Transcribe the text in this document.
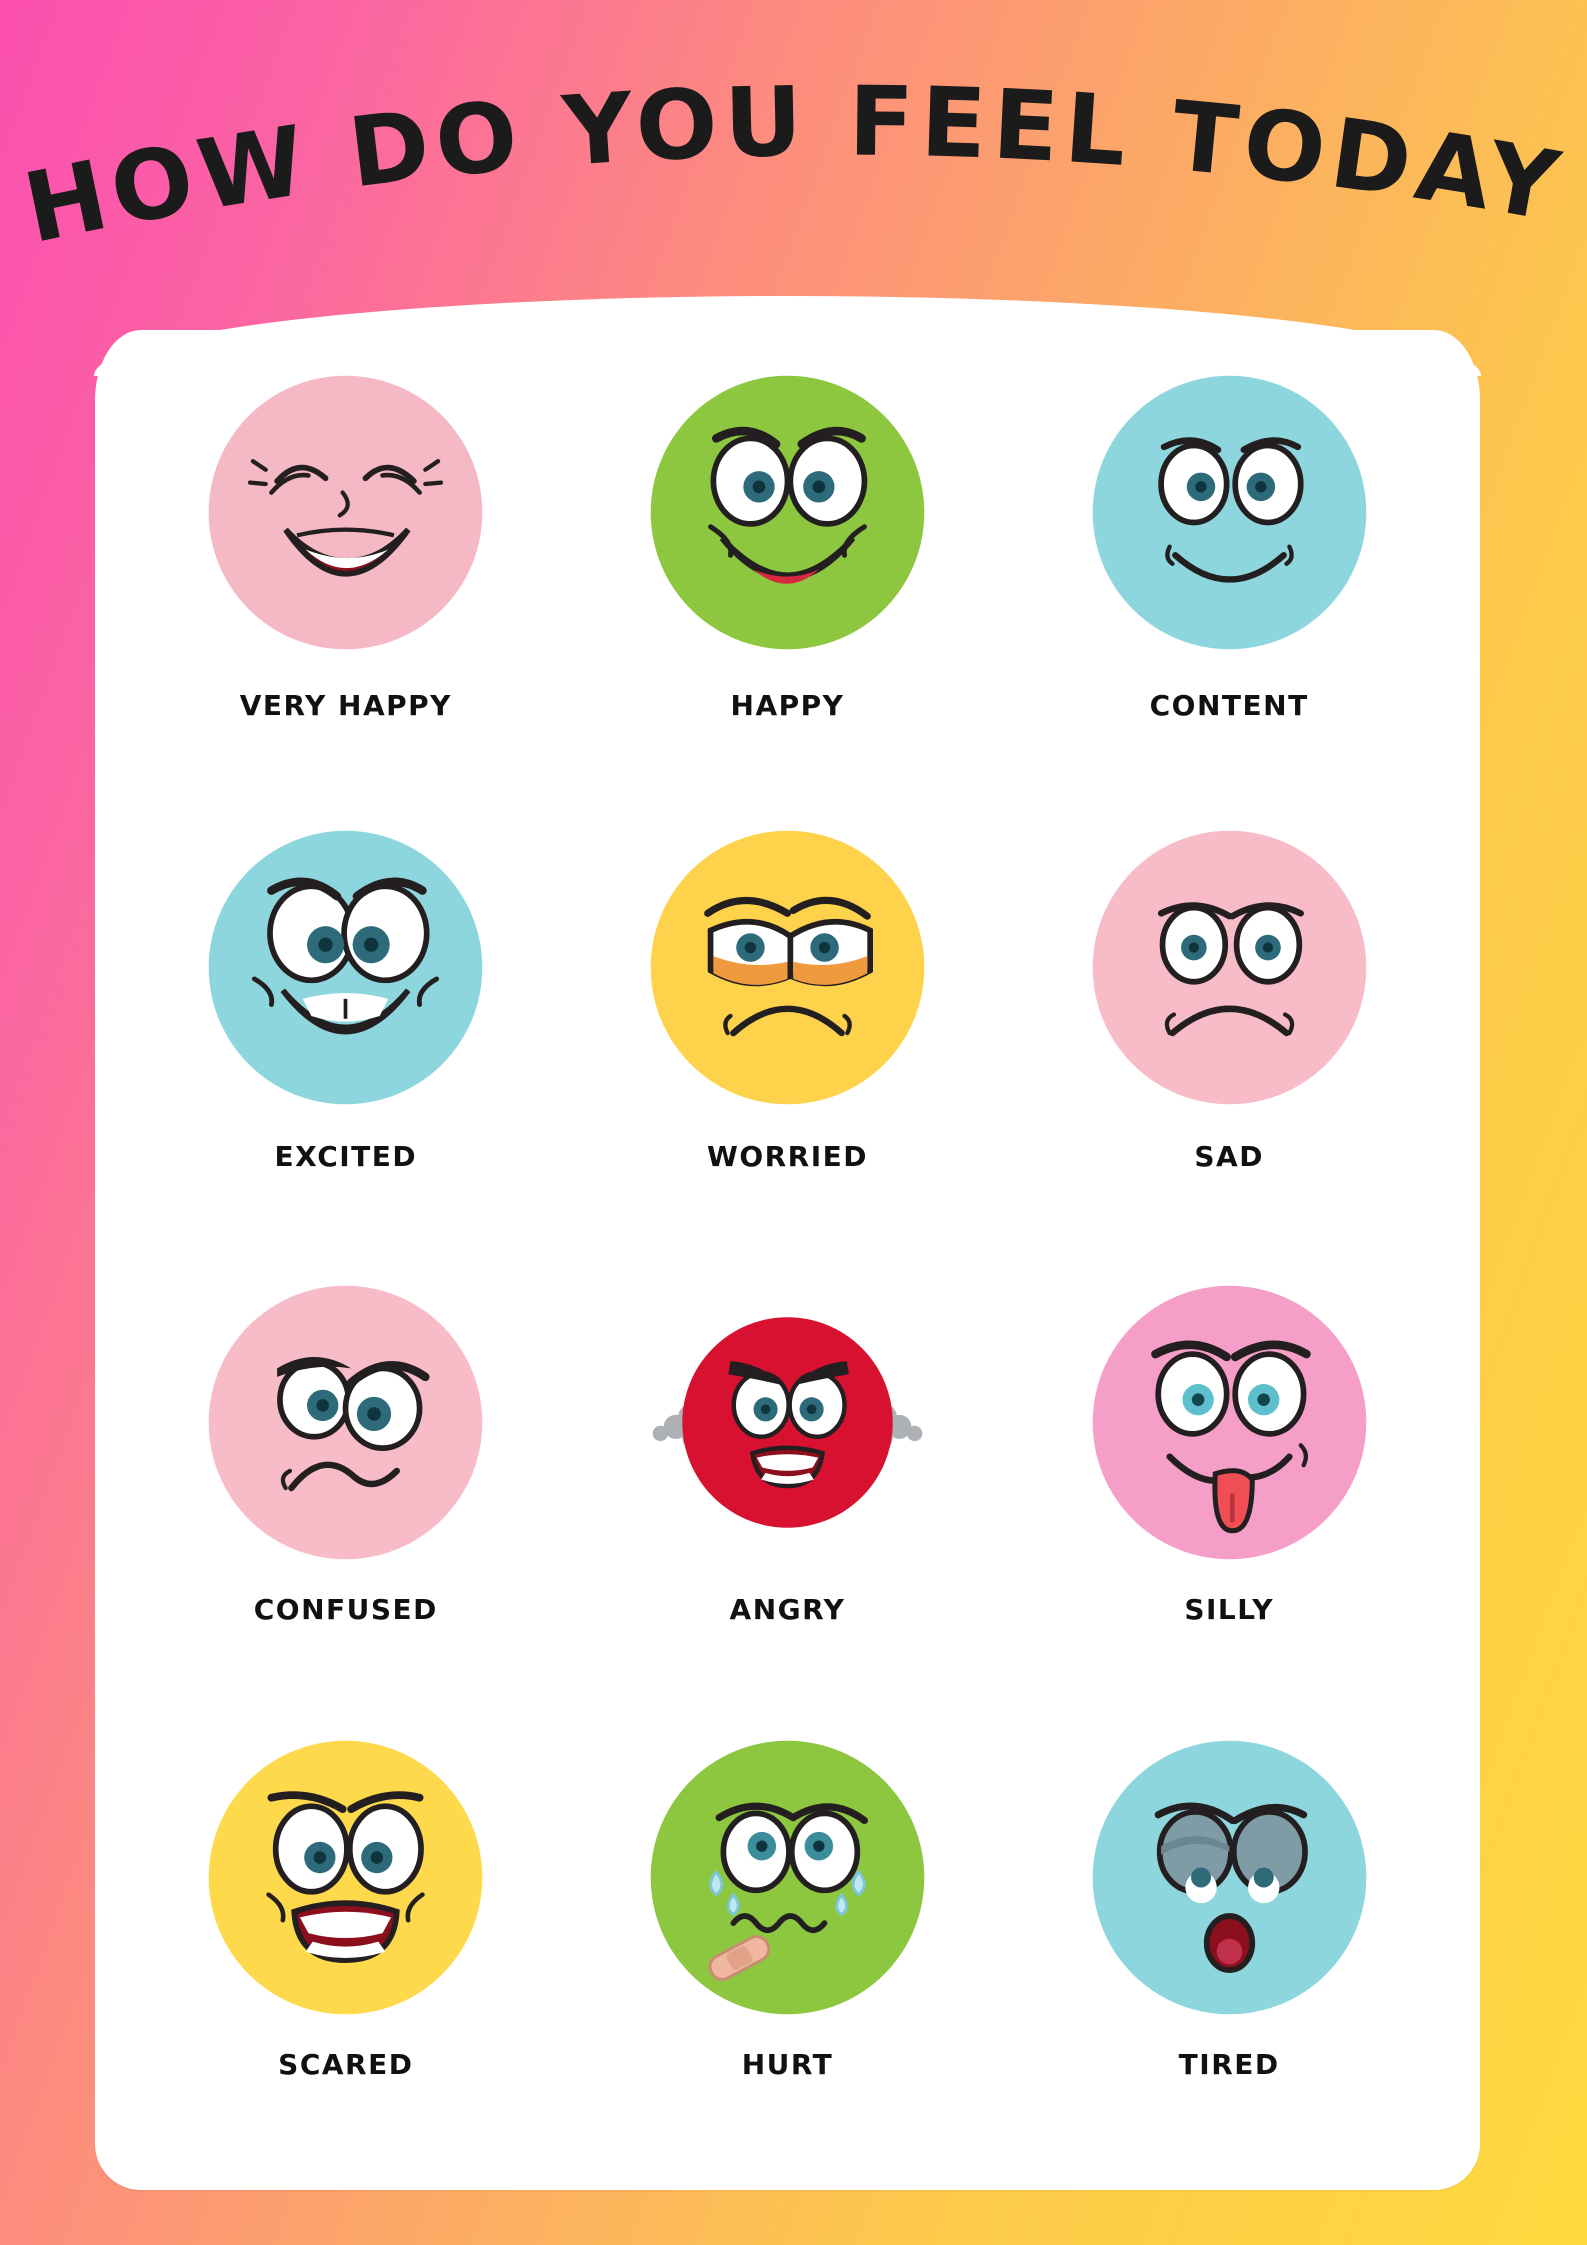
HOW DO YOU FEEL TODAY
VERY HAPPY	HAPPY	CONTENT
EXCITED	WORRIED	SAD
CONFUSED	ANGRY	SILLY
SCARED	HURT	TIRED
